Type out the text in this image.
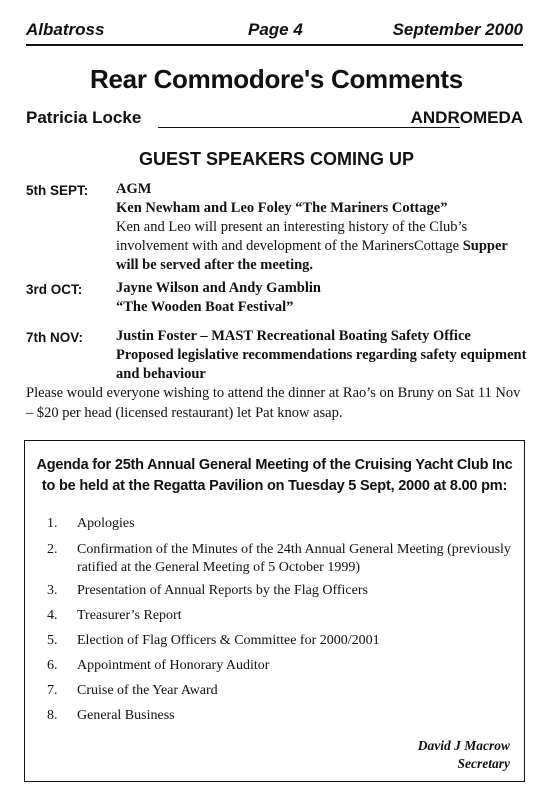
Albatross	Page 4	September 2000
Rear Commodore's Comments
Patricia Locke	ANDROMEDA
GUEST SPEAKERS COMING UP
5th SEPT: AGM
Ken Newham and Leo Foley “The Mariners Cottage”
Ken and Leo will present an interesting history of the Club’s involvement with and development of the MarinersCottage Supper will be served after the meeting.
3rd OCT: Jayne Wilson and Andy Gamblin
“The Wooden Boat Festival”
7th NOV: Justin Foster – MAST Recreational Boating Safety Office
Proposed legislative recommendations regarding safety equipment and behaviour
Please would everyone wishing to attend the dinner at Rao’s on Bruny on Sat 11 Nov – $20 per head (licensed restaurant) let Pat know asap.
Agenda for 25th Annual General Meeting of the Cruising Yacht Club Inc
to be held at the Regatta Pavilion on Tuesday 5 Sept, 2000 at 8.00 pm:
1. Apologies
2. Confirmation of the Minutes of the 24th Annual General Meeting (previously ratified at the General Meeting of 5 October 1999)
3. Presentation of Annual Reports by the Flag Officers
4. Treasurer’s Report
5. Election of Flag Officers & Committee for 2000/2001
6. Appointment of Honorary Auditor
7. Cruise of the Year Award
8. General Business
David J Macrow
Secretary
